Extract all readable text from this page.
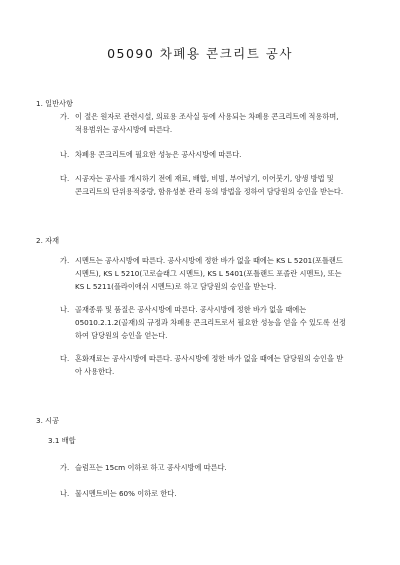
05090 차폐용 콘크리트 공사
1. 일반사항
가. 이 절은 원자로 관련시설, 의료용 조사실 등에 사용되는 차폐용 콘크리트에 적용하며,
적용범위는 공사시방에 따른다.
나. 차폐용 콘크리트에 필요한 성능은 공사시방에 따른다.
다. 시공자는 공사를 개시하기 전에 재료, 배합, 비빔, 부어넣기, 이어붓기, 양생 방법 및
콘크리트의 단위용적중량, 함유성분 관리 등의 방법을 정하여 담당원의 승인을 받는다.
2. 자재
가. 시멘트는 공사시방에 따른다. 공사시방에 정한 바가 없을 때에는 KS L 5201(포틀랜드
시멘트), KS L 5210(고로슬래그 시멘트), KS L 5401(포틀랜드 포졸란 시멘트), 또는
KS L 5211(플라이애쉬 시멘트)로 하고 담당원의 승인을 받는다.
나. 골재종류 및 품질은 공사시방에 따른다. 공사시방에 정한 바가 없을 때에는
05010.2.1.2(골재)의 규정과 차폐용 콘크리트로서 필요한 성능을 얻을 수 있도록 선정
하여 담당원의 승인을 얻는다.
다. 혼화재료는 공사시방에 따른다. 공사시방에 정한 바가 없을 때에는 담당원의 승인을 받
아 사용한다.
3. 시공
3.1 배합
가. 슬럼프는 15cm 이하로 하고 공사시방에 따른다.
나. 물시멘트비는 60% 이하로 한다.
